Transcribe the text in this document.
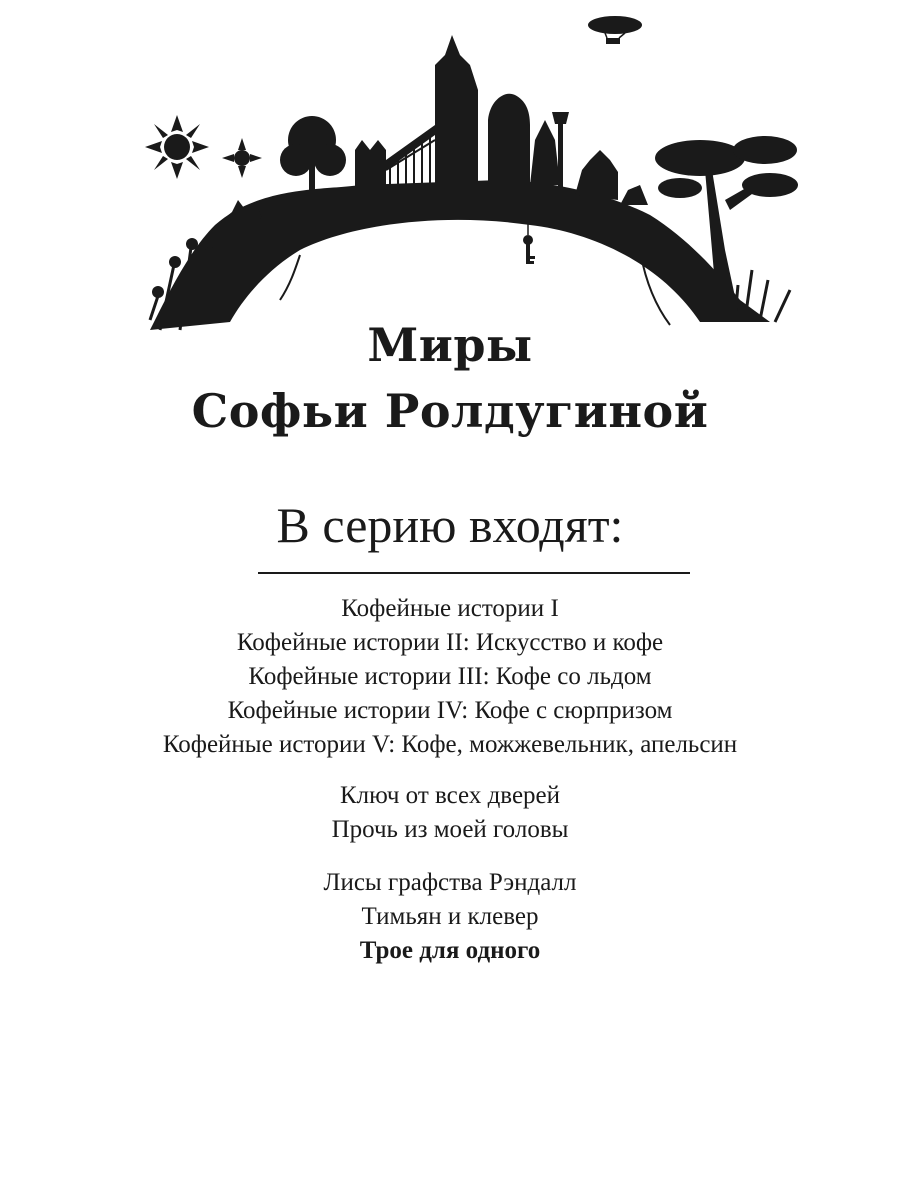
Миры
Софьи Ролдугиной
В серию входят:
Кофейные истории I
Кофейные истории II: Искусство и кофе
Кофейные истории III: Кофе со льдом
Кофейные истории IV: Кофе с сюрпризом
Кофейные истории V: Кофе, можжевельник, апельсин
Ключ от всех дверей
Прочь из моей головы
Лисы графства Рэндалл
Тимьян и клевер
Трое для одного
